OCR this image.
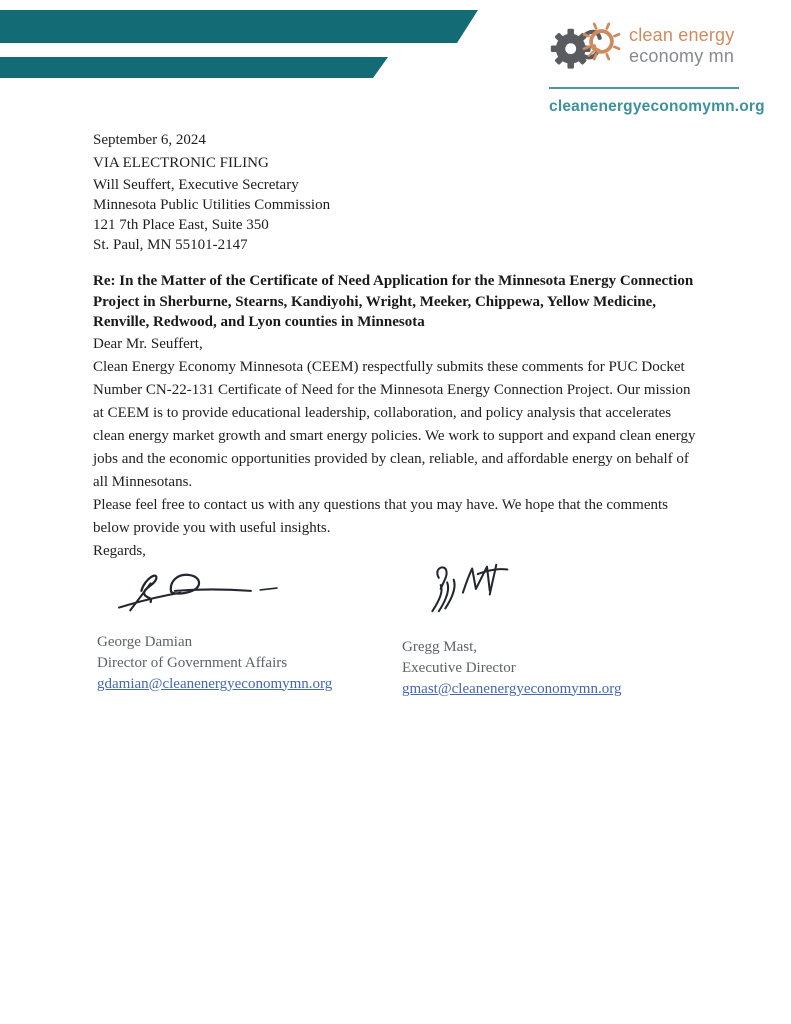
clean energy
economy mn
cleanenergyeconomymn.org

September 6, 2024

VIA ELECTRONIC FILING

Will Seuffert, Executive Secretary

Minnesota Public Utilities Commission

121 7th Place East, Suite 350

St. Paul, MN 55101-2147

Re: In the Matter of the Certificate of Need Application for the Minnesota Energy Connection Project in Sherburne, Stearns, Kandiyohi, Wright, Meeker, Chippewa, Yellow Medicine, Renville, Redwood, and Lyon counties in Minnesota

Dear Mr. Seuffert,

Clean Energy Economy Minnesota (CEEM) respectfully submits these comments for PUC Docket Number CN-22-131 Certificate of Need for the Minnesota Energy Connection Project. Our mission at CEEM is to provide educational leadership, collaboration, and policy analysis that accelerates clean energy market growth and smart energy policies. We work to support and expand clean energy jobs and the economic opportunities provided by clean, reliable, and affordable energy on behalf of all Minnesotans.

Please feel free to contact us with any questions that you may have. We hope that the comments below provide you with useful insights.

Regards,

George Damian
Director of Government Affairs
gdamian@cleanenergyeconomymn.org
Gregg Mast,
Executive Director
gmast@cleanenergyeconomymn.org
